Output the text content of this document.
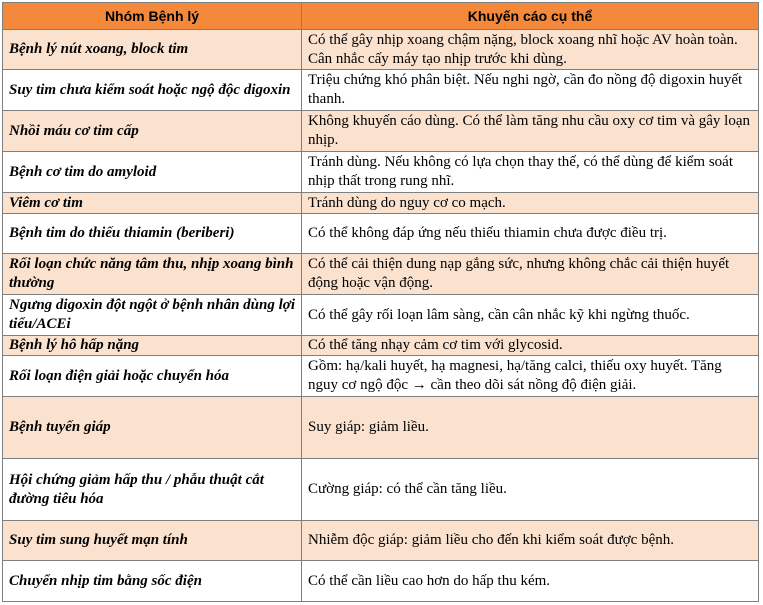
Nhóm Bệnh lý	Khuyến cáo cụ thể
Bệnh lý nút xoang, block tim	Có thể gây nhịp xoang chậm nặng, block xoang nhĩ hoặc AV hoàn toàn. Cân nhắc cấy máy tạo nhịp trước khi dùng.
Suy tim chưa kiểm soát hoặc ngộ độc digoxin	Triệu chứng khó phân biệt. Nếu nghi ngờ, cần đo nồng độ digoxin huyết thanh.
Nhồi máu cơ tim cấp	Không khuyến cáo dùng. Có thể làm tăng nhu cầu oxy cơ tim và gây loạn nhịp.
Bệnh cơ tim do amyloid	Tránh dùng. Nếu không có lựa chọn thay thế, có thể dùng để kiểm soát nhịp thất trong rung nhĩ.
Viêm cơ tim	Tránh dùng do nguy cơ co mạch.
Bệnh tim do thiếu thiamin (beriberi)	Có thể không đáp ứng nếu thiếu thiamin chưa được điều trị.
Rối loạn chức năng tâm thu, nhịp xoang bình thường	Có thể cải thiện dung nạp gắng sức, nhưng không chắc cải thiện huyết động hoặc vận động.
Ngưng digoxin đột ngột ở bệnh nhân dùng lợi tiểu/ACEi	Có thể gây rối loạn lâm sàng, cần cân nhắc kỹ khi ngừng thuốc.
Bệnh lý hô hấp nặng	Có thể tăng nhạy cảm cơ tim với glycosid.
Rối loạn điện giải hoặc chuyển hóa	Gồm: hạ/kali huyết, hạ magnesi, hạ/tăng calci, thiếu oxy huyết. Tăng nguy cơ ngộ độc → cần theo dõi sát nồng độ điện giải.
Bệnh tuyến giáp	Suy giáp: giảm liều.
Hội chứng giảm hấp thu / phẫu thuật cắt đường tiêu hóa	Cường giáp: có thể cần tăng liều.
Suy tim sung huyết mạn tính	Nhiễm độc giáp: giảm liều cho đến khi kiểm soát được bệnh.
Chuyển nhịp tim bằng sốc điện	Có thể cần liều cao hơn do hấp thu kém.
